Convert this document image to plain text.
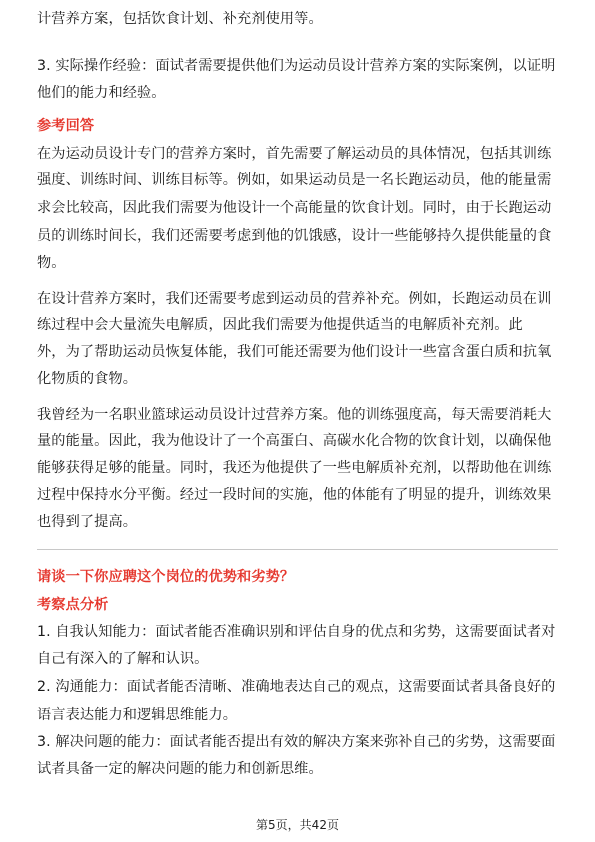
计营养方案，包括饮食计划、补充剂使用等。
3. 实际操作经验：面试者需要提供他们为运动员设计营养方案的实际案例，以证明
他们的能力和经验。
参考回答
在为运动员设计专门的营养方案时，首先需要了解运动员的具体情况，包括其训练
强度、训练时间、训练目标等。例如，如果运动员是一名长跑运动员，他的能量需
求会比较高，因此我们需要为他设计一个高能量的饮食计划。同时，由于长跑运动
员的训练时间长，我们还需要考虑到他的饥饿感，设计一些能够持久提供能量的食
物。
在设计营养方案时，我们还需要考虑到运动员的营养补充。例如，长跑运动员在训
练过程中会大量流失电解质，因此我们需要为他提供适当的电解质补充剂。此
外，为了帮助运动员恢复体能，我们可能还需要为他们设计一些富含蛋白质和抗氧
化物质的食物。
我曾经为一名职业篮球运动员设计过营养方案。他的训练强度高，每天需要消耗大
量的能量。因此，我为他设计了一个高蛋白、高碳水化合物的饮食计划，以确保他
能够获得足够的能量。同时，我还为他提供了一些电解质补充剂，以帮助他在训练
过程中保持水分平衡。经过一段时间的实施，他的体能有了明显的提升，训练效果
也得到了提高。
请谈一下你应聘这个岗位的优势和劣势？
考察点分析
1. 自我认知能力：面试者能否准确识别和评估自身的优点和劣势，这需要面试者对
自己有深入的了解和认识。
2. 沟通能力：面试者能否清晰、准确地表达自己的观点，这需要面试者具备良好的
语言表达能力和逻辑思维能力。
3. 解决问题的能力：面试者能否提出有效的解决方案来弥补自己的劣势，这需要面
试者具备一定的解决问题的能力和创新思维。
第5页，共42页
